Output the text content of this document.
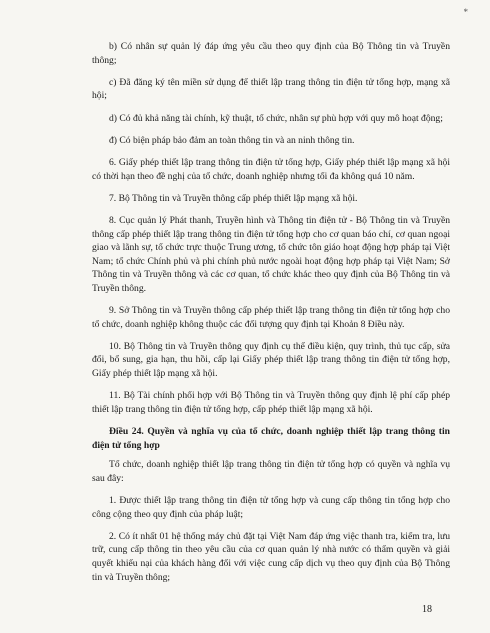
*

b) Có nhân sự quản lý đáp ứng yêu cầu theo quy định của Bộ Thông tin và Truyền thông;

c) Đã đăng ký tên miền sử dụng để thiết lập trang thông tin điện tử tổng hợp, mạng xã hội;

d) Có đủ khả năng tài chính, kỹ thuật, tổ chức, nhân sự phù hợp với quy mô hoạt động;

đ) Có biện pháp bảo đảm an toàn thông tin và an ninh thông tin.

6. Giấy phép thiết lập trang thông tin điện tử tổng hợp, Giấy phép thiết lập mạng xã hội có thời hạn theo đề nghị của tổ chức, doanh nghiệp nhưng tối đa không quá 10 năm.

7. Bộ Thông tin và Truyền thông cấp phép thiết lập mạng xã hội.

8. Cục quản lý Phát thanh, Truyền hình và Thông tin điện tử - Bộ Thông tin và Truyền thông cấp phép thiết lập trang thông tin điện tử tổng hợp cho cơ quan báo chí, cơ quan ngoại giao và lãnh sự, tổ chức trực thuộc Trung ương, tổ chức tôn giáo hoạt động hợp pháp tại Việt Nam; tổ chức Chính phủ và phi chính phủ nước ngoài hoạt động hợp pháp tại Việt Nam; Sở Thông tin và Truyền thông và các cơ quan, tổ chức khác theo quy định của Bộ Thông tin và Truyền thông.

9. Sở Thông tin và Truyền thông cấp phép thiết lập trang thông tin điện tử tổng hợp cho tổ chức, doanh nghiệp không thuộc các đối tượng quy định tại Khoản 8 Điều này.

10. Bộ Thông tin và Truyền thông quy định cụ thể điều kiện, quy trình, thủ tục cấp, sửa đổi, bổ sung, gia hạn, thu hồi, cấp lại Giấy phép thiết lập trang thông tin điện tử tổng hợp, Giấy phép thiết lập mạng xã hội.

11. Bộ Tài chính phối hợp với Bộ Thông tin và Truyền thông quy định lệ phí cấp phép thiết lập trang thông tin điện tử tổng hợp, cấp phép thiết lập mạng xã hội.

Điều 24. Quyền và nghĩa vụ của tổ chức, doanh nghiệp thiết lập trang thông tin điện tử tổng hợp

Tổ chức, doanh nghiệp thiết lập trang thông tin điện tử tổng hợp có quyền và nghĩa vụ sau đây:

1. Được thiết lập trang thông tin điện tử tổng hợp và cung cấp thông tin tổng hợp cho công cộng theo quy định của pháp luật;

2. Có ít nhất 01 hệ thống máy chủ đặt tại Việt Nam đáp ứng việc thanh tra, kiểm tra, lưu trữ, cung cấp thông tin theo yêu cầu của cơ quan quản lý nhà nước có thẩm quyền và giải quyết khiếu nại của khách hàng đối với việc cung cấp dịch vụ theo quy định của Bộ Thông tin và Truyền thông;

18
